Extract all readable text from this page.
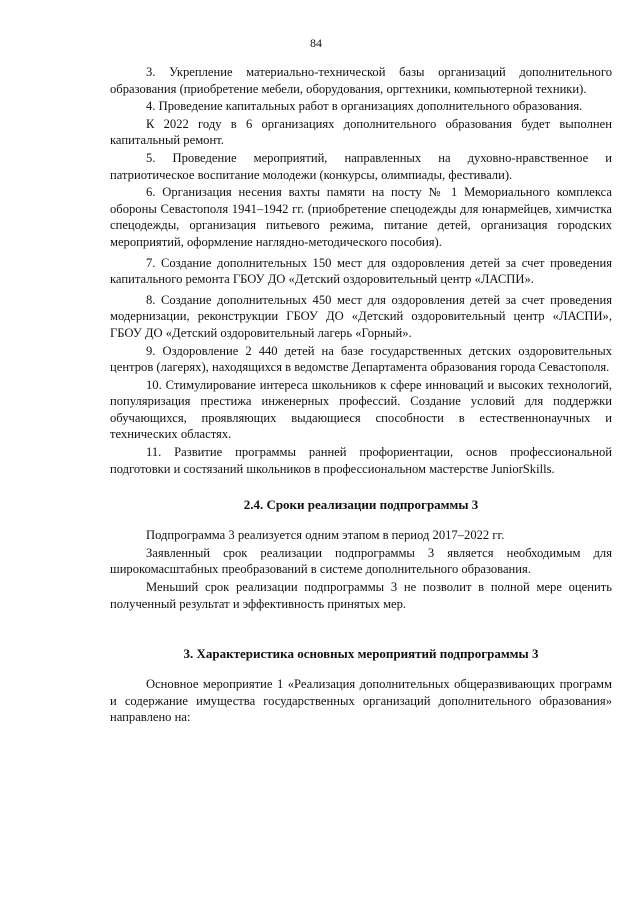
84

3. Укрепление материально-технической базы организаций дополнительного образования (приобретение мебели, оборудования, оргтехники, компьютерной техники).

4. Проведение капитальных работ в организациях дополнительного образования.

К 2022 году в 6 организациях дополнительного образования будет выполнен капитальный ремонт.

5. Проведение мероприятий, направленных на духовно-нравственное и патриотическое воспитание молодежи (конкурсы, олимпиады, фестивали).

6. Организация несения вахты памяти на посту № 1 Мемориального комплекса обороны Севастополя 1941–1942 гг. (приобретение спецодежды для юнармейцев, химчистка спецодежды, организация питьевого режима, питание детей, организация городских мероприятий, оформление наглядно-методического пособия).

7. Создание дополнительных 150 мест для оздоровления детей за счет проведения капитального ремонта ГБОУ ДО «Детский оздоровительный центр «ЛАСПИ».

8. Создание дополнительных 450 мест для оздоровления детей за счет проведения модернизации, реконструкции ГБОУ ДО «Детский оздоровительный центр «ЛАСПИ», ГБОУ ДО «Детский оздоровительный лагерь «Горный».

9. Оздоровление 2 440 детей на базе государственных детских оздоровительных центров (лагерях), находящихся в ведомстве Департамента образования города Севастополя.

10. Стимулирование интереса школьников к сфере инноваций и высоких технологий, популяризация престижа инженерных профессий. Создание условий для поддержки обучающихся, проявляющих выдающиеся способности в естественнонаучных и технических областях.

11. Развитие программы ранней профориентации, основ профессиональной подготовки и состязаний школьников в профессиональном мастерстве JuniorSkills.

2.4. Сроки реализации подпрограммы 3

Подпрограмма 3 реализуется одним этапом в период 2017–2022 гг.

Заявленный срок реализации подпрограммы 3 является необходимым для широкомасштабных преобразований в системе дополнительного образования.

Меньший срок реализации подпрограммы 3 не позволит в полной мере оценить полученный результат и эффективность принятых мер.

3. Характеристика основных мероприятий подпрограммы 3

Основное мероприятие 1 «Реализация дополнительных общеразвивающих программ и содержание имущества государственных организаций дополнительного образования» направлено на:
